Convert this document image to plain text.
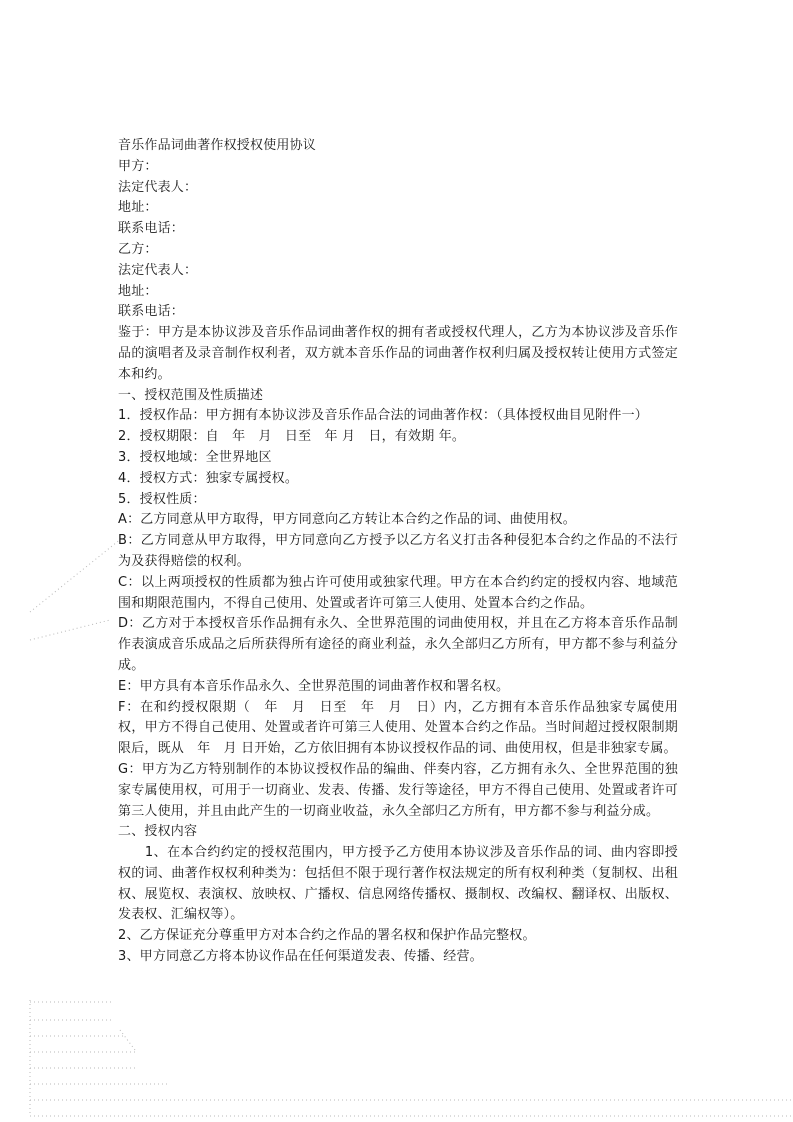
音乐作品词曲著作权授权使用协议

甲方：

法定代表人：

地址：

联系电话：

乙方：

法定代表人：

地址：

联系电话：

鉴于：甲方是本协议涉及音乐作品词曲著作权的拥有者或授权代理人，乙方为本协议涉及音乐作品的演唱者及录音制作权利者，双方就本音乐作品的词曲著作权利归属及授权转让使用方式签定本和约。

一、授权范围及性质描述

1．授权作品：甲方拥有本协议涉及音乐作品合法的词曲著作权：（具体授权曲目见附件一）

2．授权期限：自　年　月　日至　年 月　日，有效期 年。

3．授权地域：全世界地区

4．授权方式：独家专属授权。

5．授权性质：

A：乙方同意从甲方取得，甲方同意向乙方转让本合约之作品的词、曲使用权。

B：乙方同意从甲方取得，甲方同意向乙方授予以乙方名义打击各种侵犯本合约之作品的不法行为及获得赔偿的权利。

C：以上两项授权的性质都为独占许可使用或独家代理。甲方在本合约约定的授权内容、地域范围和期限范围内，不得自己使用、处置或者许可第三人使用、处置本合约之作品。

D：乙方对于本授权音乐作品拥有永久、全世界范围的词曲使用权，并且在乙方将本音乐作品制作表演成音乐成品之后所获得所有途径的商业利益，永久全部归乙方所有，甲方都不参与利益分成。

E：甲方具有本音乐作品永久、全世界范围的词曲著作权和署名权。

F：在和约授权限期（　年　月　日至　年　月　日）内，乙方拥有本音乐作品独家专属使用权，甲方不得自己使用、处置或者许可第三人使用、处置本合约之作品。当时间超过授权限制期限后，既从　年　月 日开始，乙方依旧拥有本协议授权作品的词、曲使用权，但是非独家专属。

G：甲方为乙方特别制作的本协议授权作品的编曲、伴奏内容，乙方拥有永久、全世界范围的独家专属使用权，可用于一切商业、发表、传播、发行等途径，甲方不得自己使用、处置或者许可第三人使用，并且由此产生的一切商业收益，永久全部归乙方所有，甲方都不参与利益分成。

二、授权内容

　　1、在本合约约定的授权范围内，甲方授予乙方使用本协议涉及音乐作品的词、曲内容即授权的词、曲著作权权利种类为：包括但不限于现行著作权法规定的所有权利种类（复制权、出租权、展览权、表演权、放映权、广播权、信息网络传播权、摄制权、改编权、翻译权、出版权、发表权、汇编权等）。

2、乙方保证充分尊重甲方对本合约之作品的署名权和保护作品完整权。

3、甲方同意乙方将本协议作品在任何渠道发表、传播、经营。
